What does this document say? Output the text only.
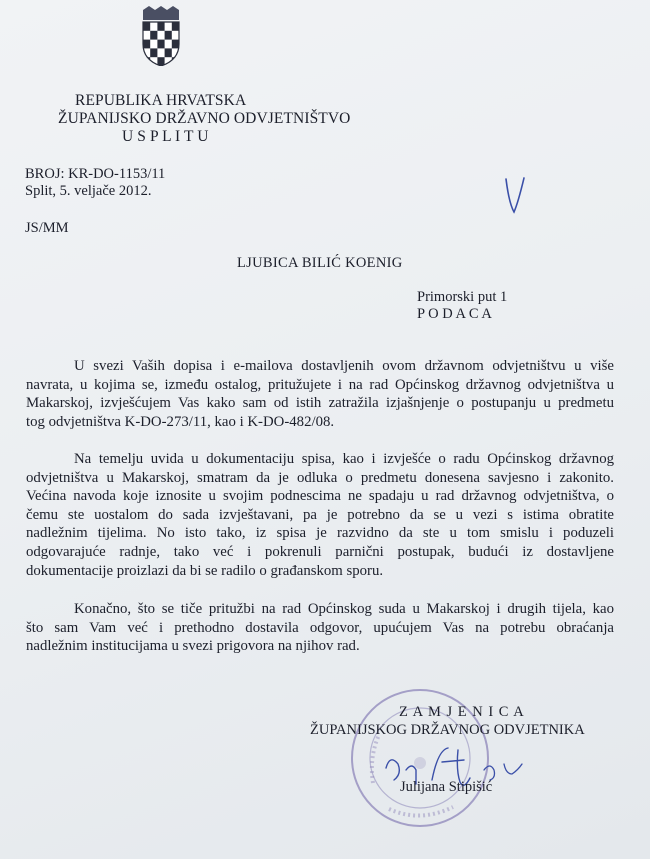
REPUBLIKA HRVATSKA
ŽUPANIJSKO DRŽAVNO ODVJETNIŠTVO
U S P L I T U
BROJ: KR-DO-1153/11
Split, 5. veljače 2012.
JS/MM
LJUBICA BILIĆ KOENIG
Primorski put 1
P O D A C A
U svezi Vaših dopisa i e-mailova dostavljenih ovom državnom odvjetništvu u više
navrata, u kojima se, između ostalog, pritužujete i na rad Općinskog državnog odvjetništva u
Makarskoj, izvješćujem Vas kako sam od istih zatražila izjašnjenje o postupanju u predmetu
tog odvjetništva K-DO-273/11, kao i K-DO-482/08.
Na temelju uvida u dokumentaciju spisa, kao i izvješće o radu Općinskog državnog
odvjetništva u Makarskoj, smatram da je odluka o predmetu donesena savjesno i zakonito.
Većina navoda koje iznosite u svojim podnescima ne spadaju u rad državnog odvjetništva, o
čemu ste uostalom do sada izvještavani, pa je potrebno da se u vezi s istima obratite
nadležnim tijelima. No isto tako, iz spisa je razvidno da ste u tom smislu i poduzeli
odgovarajuće radnje, tako već i pokrenuli parnični postupak, budući iz dostavljene
dokumentacije proizlazi da bi se radilo o građanskom sporu.
Konačno, što se tiče pritužbi na rad Općinskog suda u Makarskoj i drugih tijela, kao
što sam Vam već i prethodno dostavila odgovor, upućujem Vas na potrebu obraćanja
nadležnim institucijama u svezi prigovora na njihov rad.
Z A M J E N I C A
ŽUPANIJSKOG DRŽAVNOG ODVJETNIKA
Julijana Stipišić
